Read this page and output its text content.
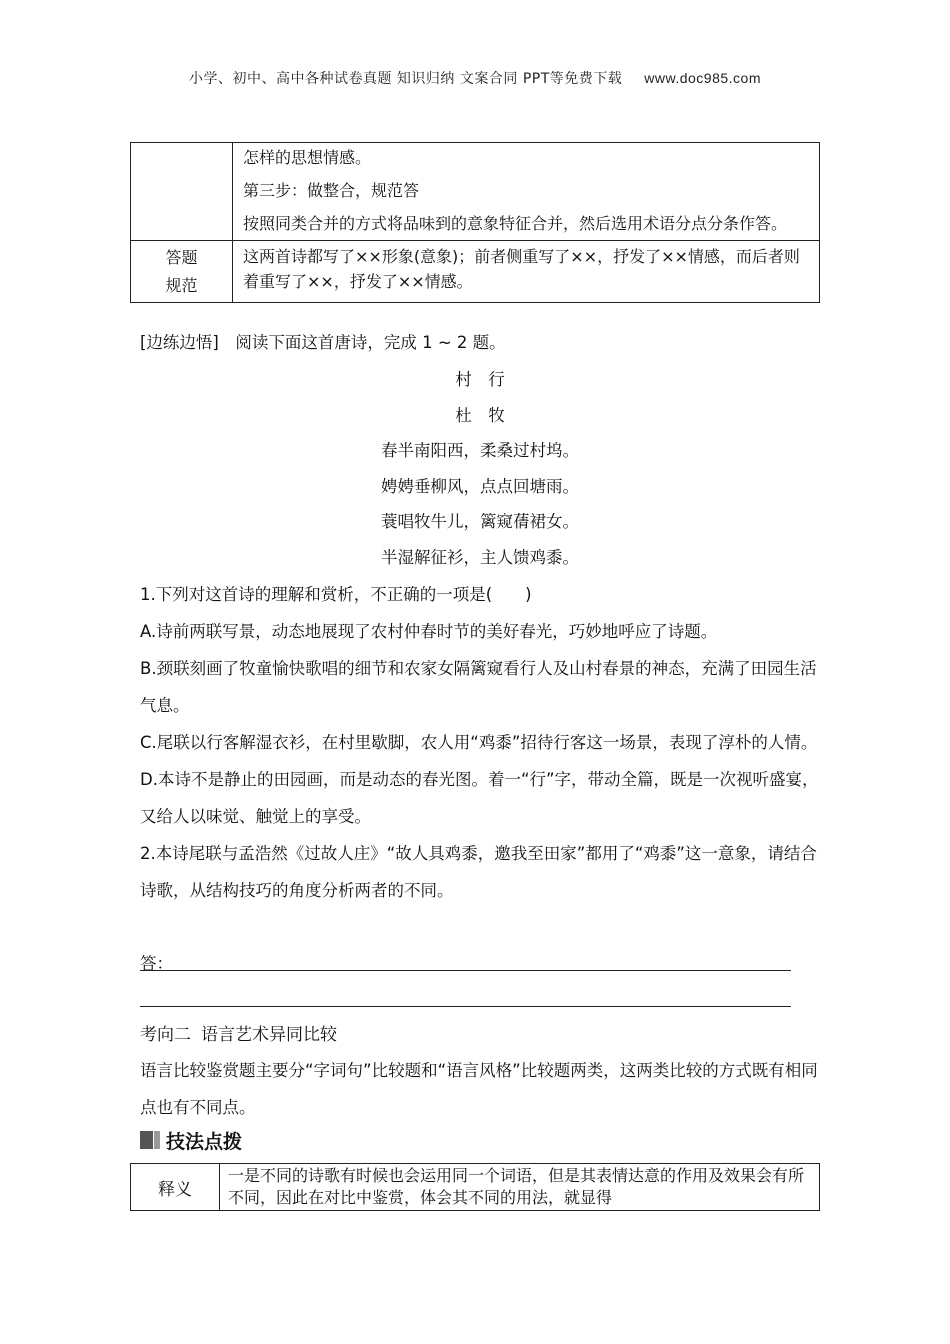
小学、初中、高中各种试卷真题 知识归纳 文案合同 PPT等免费下载 www.doc985.com

	怎样的思想情感。

第三步：做整合，规范答

按照同类合并的方式将品味到的意象特征合并，然后选用术语分点分条作答。

答题
规范	这两首诗都写了××形象(意象)；前者侧重写了××，抒发了××情感，而后者则着重写了××，抒发了××情感。
[边练边悟]　阅读下面这首唐诗，完成 1 ~ 2 题。
村　行
杜　牧
春半南阳西，柔桑过村坞。
娉娉垂柳风，点点回塘雨。
蓑唱牧牛儿，篱窥蒨裙女。
半湿解征衫，主人馈鸡黍。
1.下列对这首诗的理解和赏析，不正确的一项是(　　)
A.诗前两联写景，动态地展现了农村仲春时节的美好春光，巧妙地呼应了诗题。
B.颈联刻画了牧童愉快歌唱的细节和农家女隔篱窥看行人及山村春景的神态，充满了田园生活气息。
C.尾联以行客解湿衣衫，在村里歇脚，农人用“鸡黍”招待行客这一场景，表现了淳朴的人情。
D.本诗不是静止的田园画，而是动态的春光图。着一“行”字，带动全篇，既是一次视听盛宴，又给人以味觉、触觉上的享受。
2.本诗尾联与孟浩然《过故人庄》“故人具鸡黍，邀我至田家”都用了“鸡黍”这一意象，请结合诗歌，从结构技巧的角度分析两者的不同。
答：
考向二 语言艺术异同比较
语言比较鉴赏题主要分“字词句”比较题和“语言风格”比较题两类，这两类比较的方式既有相同点也有不同点。
技法点拨
释义	一是不同的诗歌有时候也会运用同一个词语，但是其表情达意的作用及效果会有所不同，因此在对比中鉴赏，体会其不同的用法，就显得
